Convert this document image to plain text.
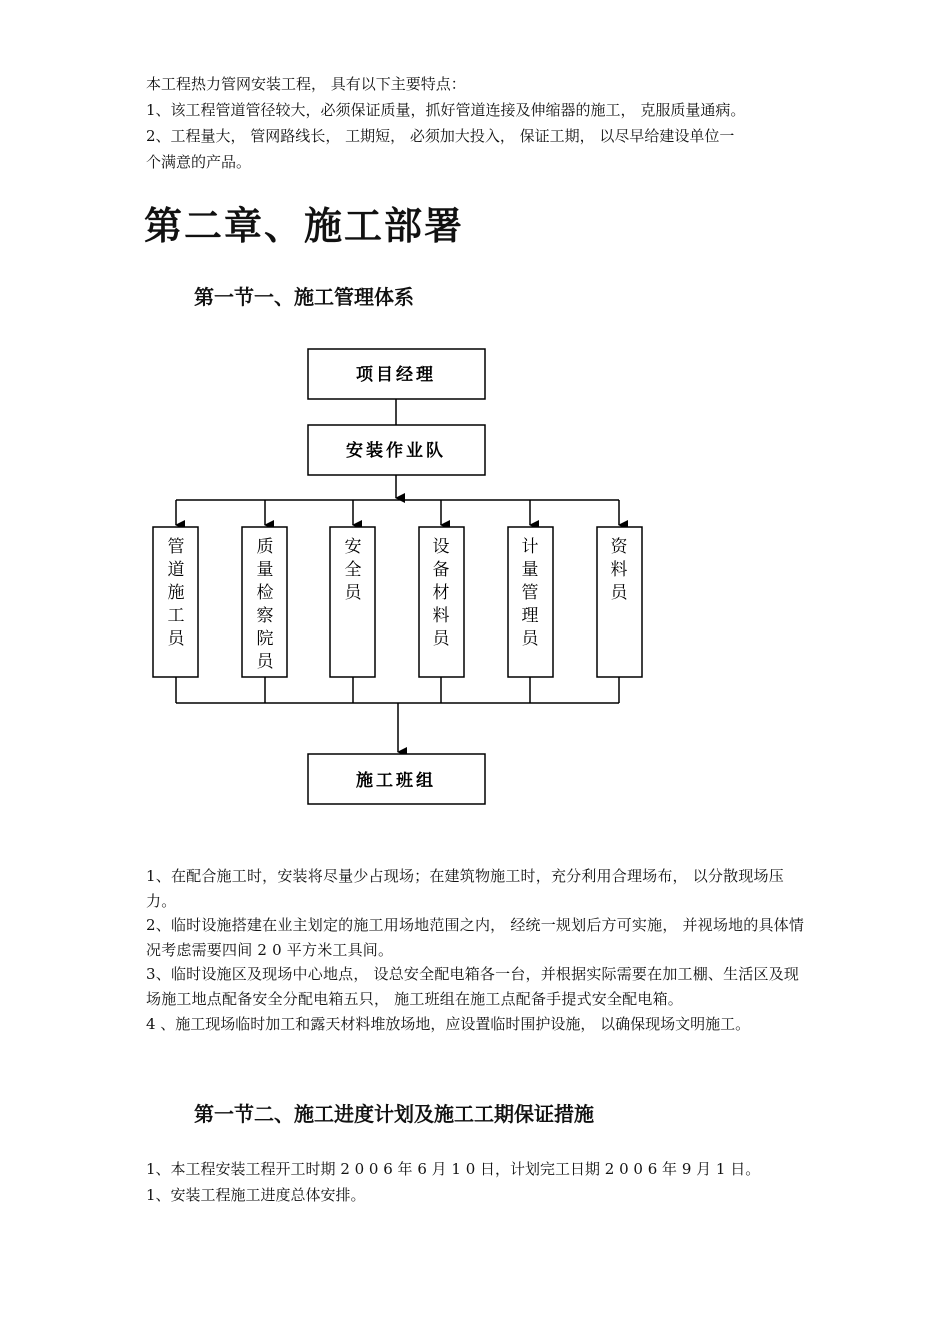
本工程热力管网安装工程， 具有以下主要特点：
1、该工程管道管径较大，必须保证质量，抓好管道连接及伸缩器的施工， 克服质量通病。
2、工程量大， 管网路线长， 工期短， 必须加大投入， 保证工期， 以尽早给建设单位一
个满意的产品。
第二章、施工部署
第一节一、施工管理体系
项目经理
安装作业队
管道施工员
质量检察院员
安全员
设备材料员
计量管理员
资料员
施工班组
1、在配合施工时，安装将尽量少占现场；在建筑物施工时，充分利用合理场布， 以分散现场压力。
2、临时设施搭建在业主划定的施工用场地范围之内， 经统一规划后方可实施， 并视场地的具体情况考虑需要四间 2 0 平方米工具间。
3、临时设施区及现场中心地点， 设总安全配电箱各一台，并根据实际需要在加工棚、生活区及现场施工地点配备安全分配电箱五只， 施工班组在施工点配备手提式安全配电箱。
4 、施工现场临时加工和露天材料堆放场地，应设置临时围护设施， 以确保现场文明施工。
第一节二、施工进度计划及施工工期保证措施
1、本工程安装工程开工时期 2 0 0 6 年 6 月 1 0 日，计划完工日期 2 0 0 6 年 9 月 1 日。
1、安装工程施工进度总体安排。
